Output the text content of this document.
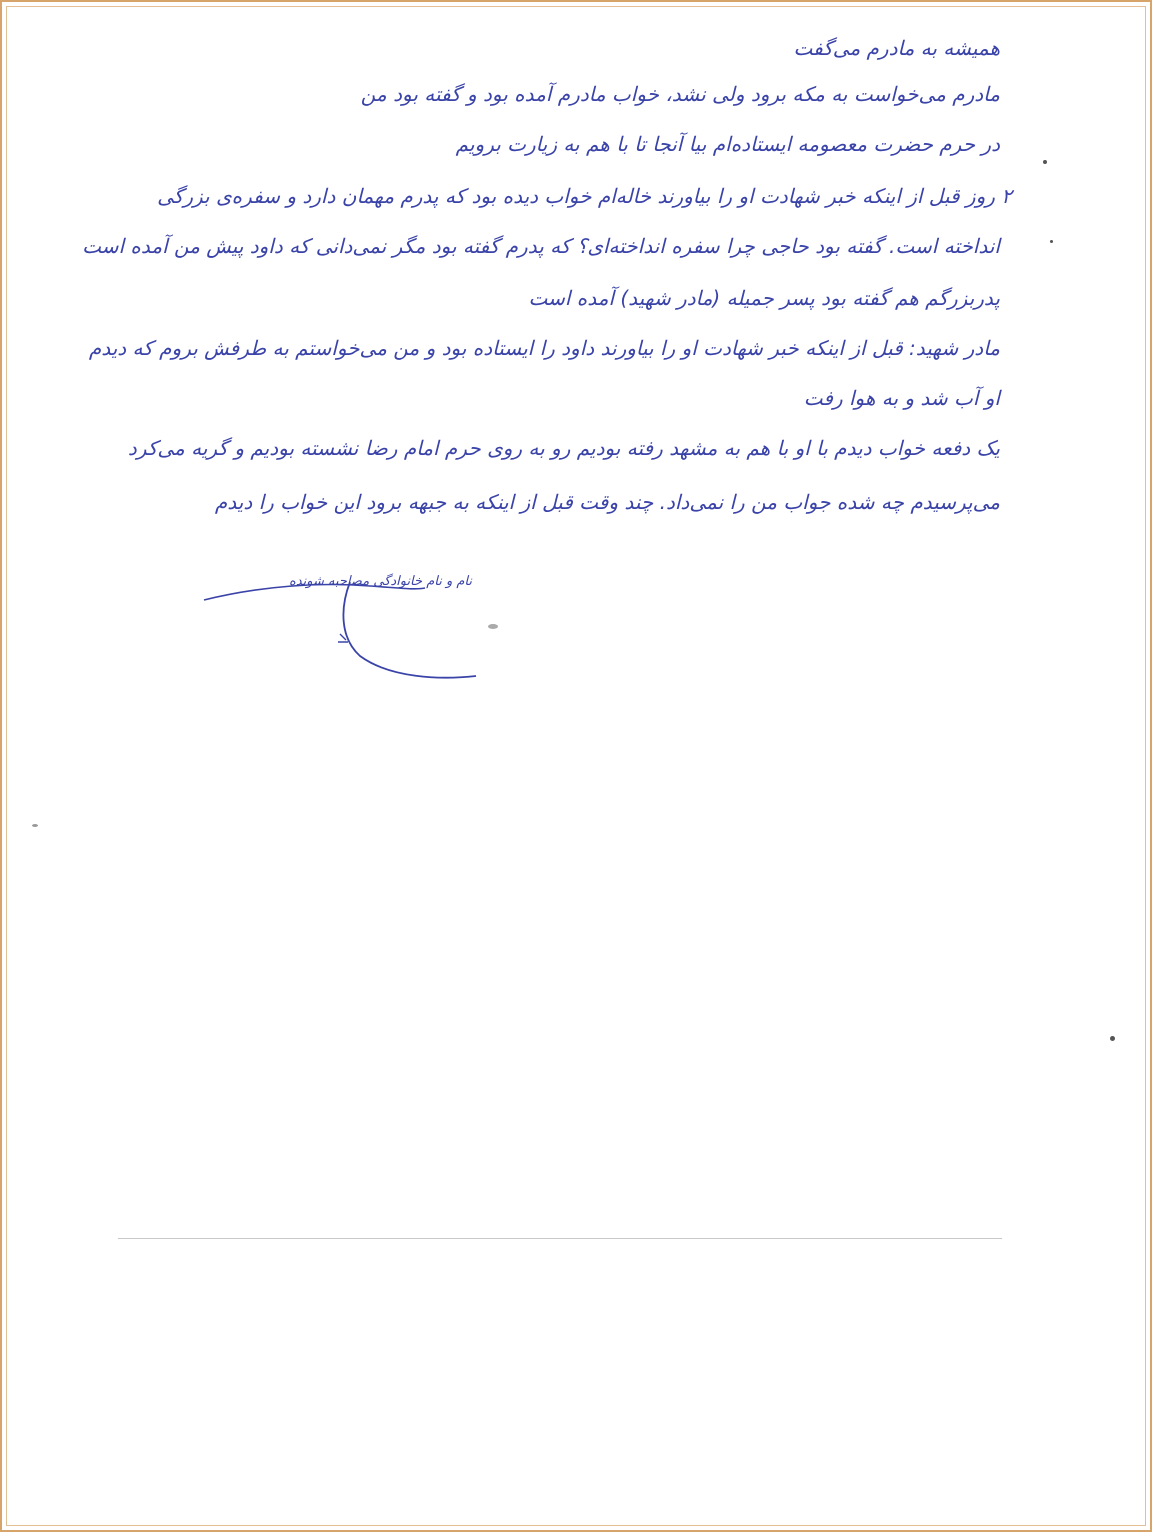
همیشه به مادرم می‌گفت
مادرم می‌خواست به مکه برود ولی نشد، خواب مادرم آمده بود و گفته بود من
در حرم حضرت معصومه ایستاده‌ام بیا آنجا تا با هم به زیارت برویم
۲ روز قبل از اینکه خبر شهادت او را بیاورند خاله‌ام خواب دیده بود که پدرم مهمان دارد و سفره‌ی بزرگی
انداخته است. گفته بود حاجی چرا سفره انداخته‌ای؟ که پدرم گفته بود مگر نمی‌دانی که داود پیش من آمده است
پدربزرگم هم گفته بود پسر جمیله (مادر شهید) آمده است
مادر شهید: قبل از اینکه خبر شهادت او را بیاورند داود را ایستاده بود و من می‌خواستم به طرفش بروم که دیدم
او آب شد و به هوا رفت
یک دفعه خواب دیدم با او با هم به مشهد رفته بودیم رو به روی حرم امام رضا نشسته بودیم و گریه می‌کرد
می‌پرسیدم چه شده جواب من را نمی‌داد. چند وقت قبل از اینکه به جبهه برود این خواب را دیدم
نام و نام خانوادگی مصاحبه شونده
